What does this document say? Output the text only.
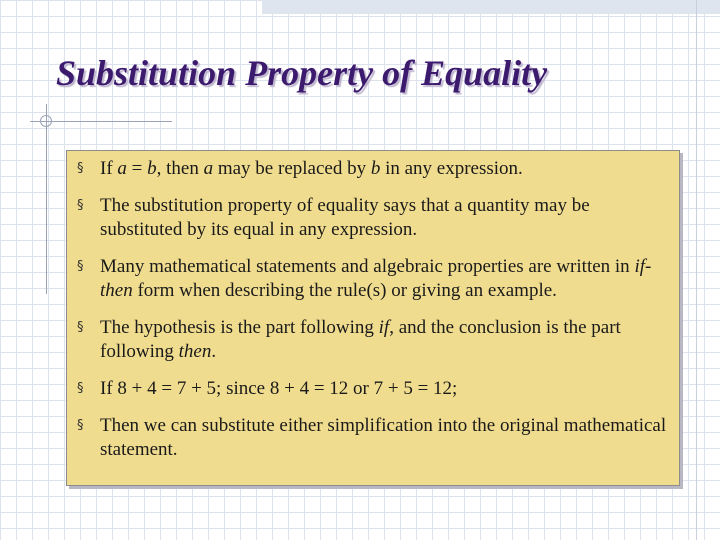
Substitution Property of Equality
§ If a = b, then a may be replaced by b in any expression.
§ The substitution property of equality says that a quantity may be substituted by its equal in any expression.
§ Many mathematical statements and algebraic properties are written in if-then form when describing the rule(s) or giving an example.
§ The hypothesis is the part following if, and the conclusion is the part following then.
§ If 8 + 4 = 7 + 5; since 8 + 4 = 12 or 7 + 5 = 12;
§ Then we can substitute either simplification into the original mathematical statement.
